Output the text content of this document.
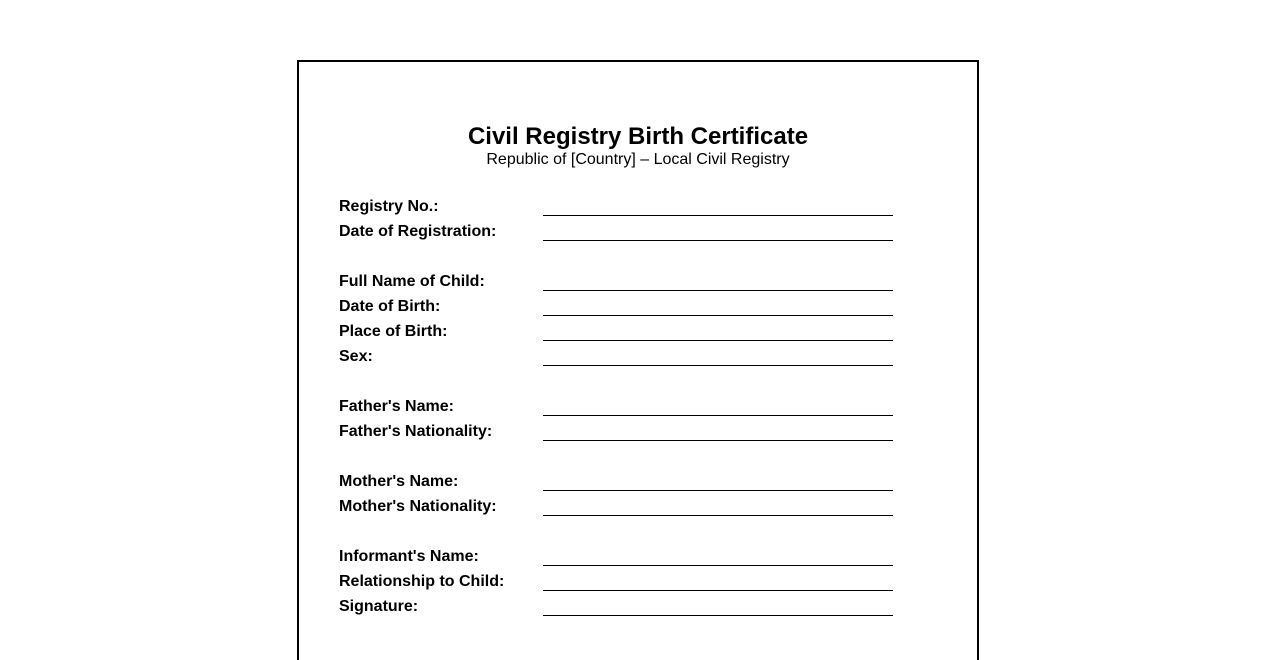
Civil Registry Birth Certificate
Republic of [Country] – Local Civil Registry
Registry No.:
Date of Registration:
Full Name of Child:
Date of Birth:
Place of Birth:
Sex:
Father's Name:
Father's Nationality:
Mother's Name:
Mother's Nationality:
Informant's Name:
Relationship to Child:
Signature:
